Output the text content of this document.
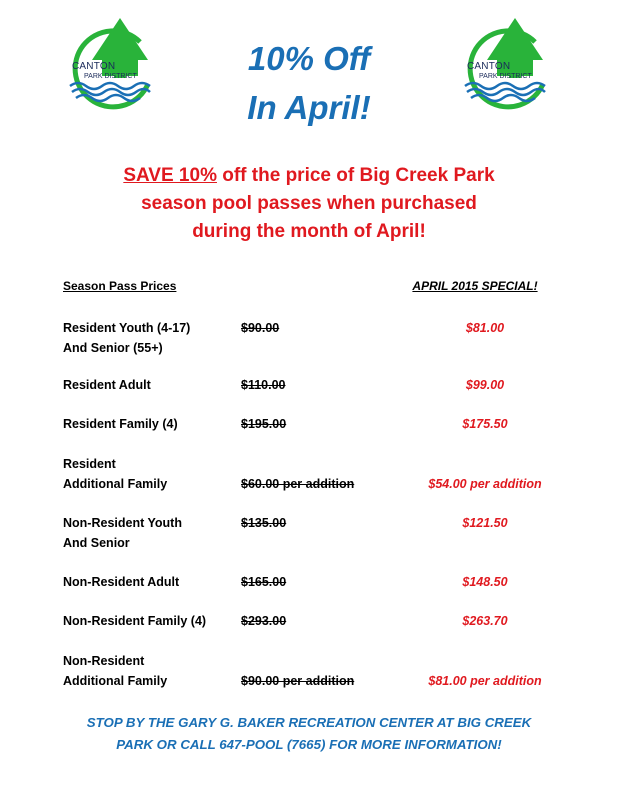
CANTON
PARK DISTRICT
CANTON
PARK DISTRICT
10% Off
In April!
SAVE 10% off the price of Big Creek Park
season pool passes when purchased
during the month of April!
Season Pass Prices	APRIL 2015 SPECIAL!
Resident Youth (4-17)
And Senior (55+)
$90.00	$81.00
Resident Adult	$110.00	$99.00
Resident Family (4)	$195.00	$175.50
Resident
Additional Family	$60.00 per addition	$54.00 per addition
Non-Resident Youth
And Senior
$135.00	$121.50
Non-Resident Adult	$165.00	$148.50
Non-Resident Family (4)	$293.00	$263.70
Non-Resident
Additional Family	$90.00 per addition	$81.00 per addition
STOP BY THE GARY G. BAKER RECREATION CENTER AT BIG CREEK
PARK OR CALL 647-POOL (7665) FOR MORE INFORMATION!
